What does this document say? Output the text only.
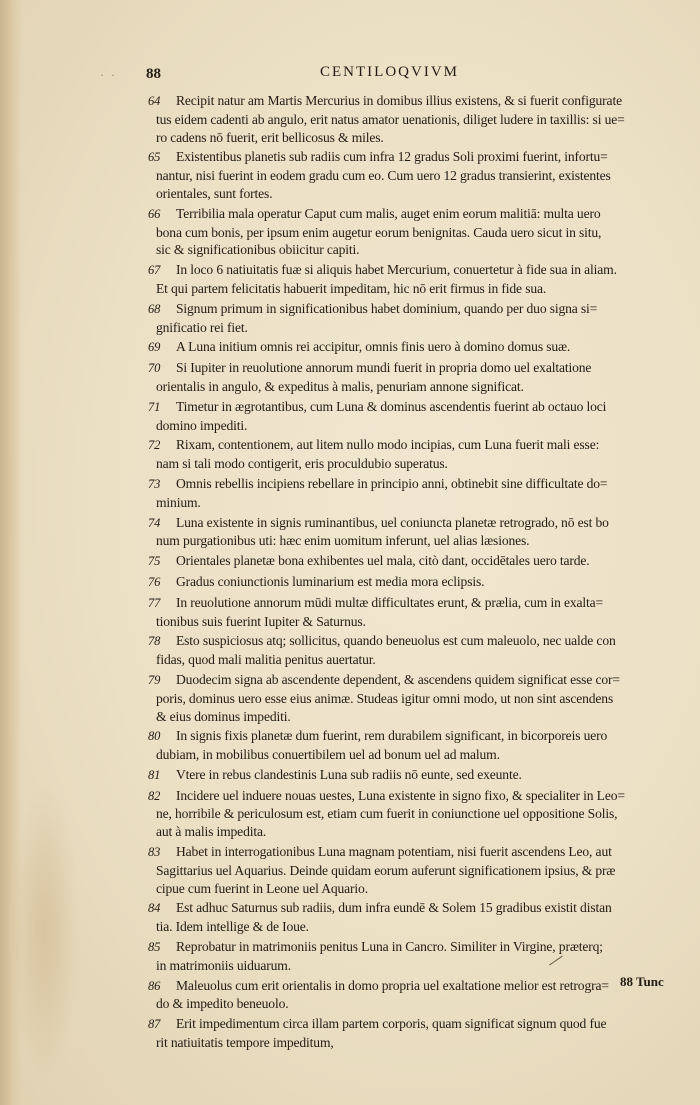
· · 88	CENTILOQVIVM
64 Recipit natur am Martis Mercurius in domibus illius existens, & si fuerit configurate
tus eidem cadenti ab angulo, erit natus amator uenationis, diliget ludere in taxillis: si ue=
ro cadens nō fuerit, erit bellicosus & miles.
65 Existentibus planetis sub radiis cum infra 12 gradus Soli proximi fuerint, infortu=
nantur, nisi fuerint in eodem gradu cum eo. Cum uero 12 gradus transierint, existentes
orientales, sunt fortes.
66 Terribilia mala operatur Caput cum malis, auget enim eorum malitiā: multa uero
bona cum bonis, per ipsum enim augetur eorum benignitas. Cauda uero sicut in situ,
sic & significationibus obiicitur capiti.
67 In loco 6 natiuitatis fuæ si aliquis habet Mercurium, conuertetur à fide sua in aliam.
Et qui partem felicitatis habuerit impeditam, hic nō erit firmus in fide sua.
68 Signum primum in significationibus habet dominium, quando per duo signa si=
gnificatio rei fiet.
69 A Luna initium omnis rei accipitur, omnis finis uero à domino domus suæ.
70 Si Iupiter in reuolutione annorum mundi fuerit in propria domo uel exaltatione
orientalis in angulo, & expeditus à malis, penuriam annone significat.
71 Timetur in ægrotantibus, cum Luna & dominus ascendentis fuerint ab octauo loci
domino impediti.
72 Rixam, contentionem, aut litem nullo modo incipias, cum Luna fuerit mali esse:
nam si tali modo contigerit, eris proculdubio superatus.
73 Omnis rebellis incipiens rebellare in principio anni, obtinebit sine difficultate do=
minium.
74 Luna existente in signis ruminantibus, uel coniuncta planetæ retrogrado, nō est bo
num purgationibus uti: hæc enim uomitum inferunt, uel alias læsiones.
75 Orientales planetæ bona exhibentes uel mala, citò dant, occidētales uero tarde.
76 Gradus coniunctionis luminarium est media mora eclipsis.
77 In reuolutione annorum mūdi multæ difficultates erunt, & prælia, cum in exalta=
tionibus suis fuerint Iupiter & Saturnus.
78 Esto suspiciosus atq; sollicitus, quando beneuolus est cum maleuolo, nec ualde con
fidas, quod mali malitia penitus auertatur.
79 Duodecim signa ab ascendente dependent, & ascendens quidem significat esse cor=
poris, dominus uero esse eius animæ. Studeas igitur omni modo, ut non sint ascendens
& eius dominus impediti.
80 In signis fixis planetæ dum fuerint, rem durabilem significant, in bicorporeis uero
dubiam, in mobilibus conuertibilem uel ad bonum uel ad malum.
81 Vtere in rebus clandestinis Luna sub radiis nō eunte, sed exeunte.
82 Incidere uel induere nouas uestes, Luna existente in signo fixo, & specialiter in Leo=
ne, horribile & periculosum est, etiam cum fuerit in coniunctione uel oppositione Solis,
aut à malis impedita.
83 Habet in interrogationibus Luna magnam potentiam, nisi fuerit ascendens Leo, aut
Sagittarius uel Aquarius. Deinde quidam eorum auferunt significationem ipsius, & præ
cipue cum fuerint in Leone uel Aquario.
84 Est adhuc Saturnus sub radiis, dum infra eundē & Solem 15 gradibus existit distan
tia. Idem intellige & de Ioue.
85 Reprobatur in matrimoniis penitus Luna in Cancro. Similiter in Virgine, præterq;
in matrimoniis uiduarum.
86 Maleuolus cum erit orientalis in domo propria uel exaltatione melior est retrogra=
do & impedito beneuolo.
87 Erit impedimentum circa illam partem corporis, quam significat signum quod fue
rit natiuitatis tempore impeditum,
88 Tunc
